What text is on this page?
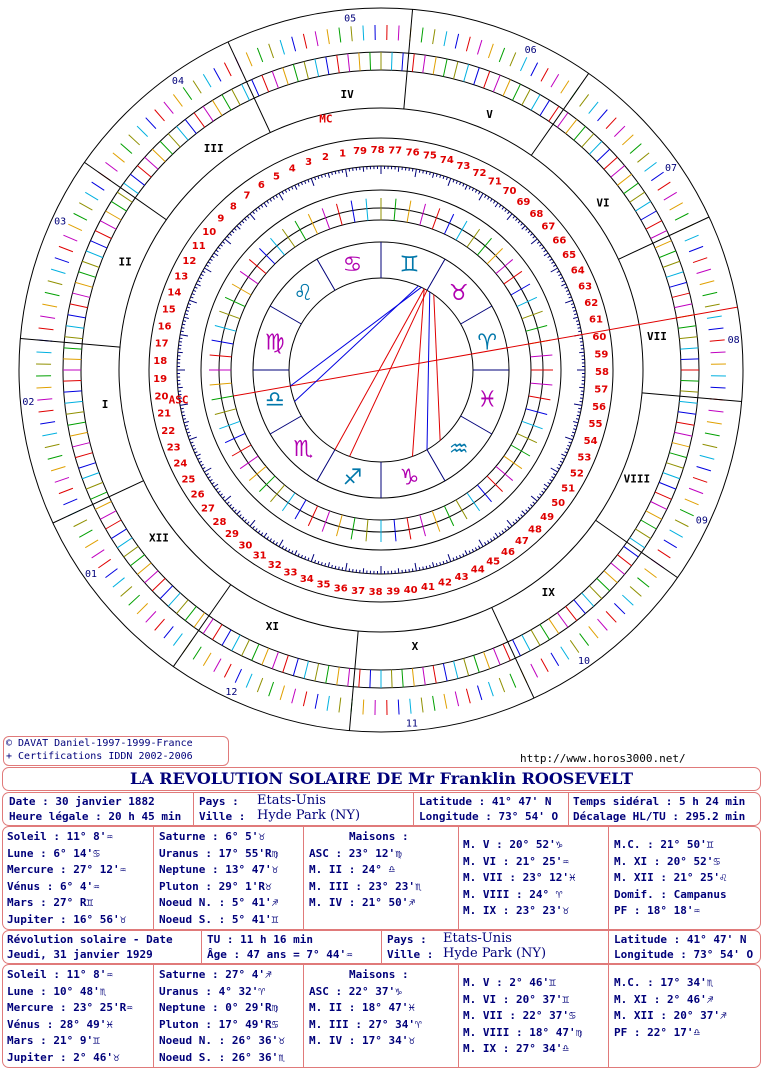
♋ ♊
♉
♈
♓
♒
♑
♐
♏
♎
♍
♌
1
2
3
4
5
6
7
8
9
10
11
12
13
14
15
16
17
18
19
20
21
22
23
24
25
26
27
28
29
30
31
32
33
34 35 36 37 38 39 40 41 42
43
44
45
46
47
48
49
50
51
52
53
54
55
56
57
58
59
60
61
62
63
64
65
66
67
68
69
70
71
72
73
74
75
76
77
78
79
I
II
III
IV
V
VI
VII
VIII
IX
X
XI
XII
ASC
MC
05
06
07
08
09
10
11
12
01
02
03
04
© DAVAT Daniel-1997-1999-France
+ Certifications IDDN 2002-2006	http://www.horos3000.net/
LA REVOLUTION SOLAIRE DE Mr Franklin ROOSEVELT
Date : 30 janvier 1882
Heure légale : 20 h 45 min
Pays : Etats-Unis
Ville : Hyde Park (NY)
Latitude : 41° 47' N
Longitude : 73° 54' O
Temps sidéral : 5 h 24 min
Décalage HL/TU : 295.2 min
Soleil : 11° 8'♒
Lune : 6° 14'♋
Mercure : 27° 12'♒
Vénus : 6° 4'♒
Mars : 27° R♊
Jupiter : 16° 56'♉
Saturne : 6° 5'♉
Uranus : 17° 55'R♍
Neptune : 13° 47'♉
Pluton : 29° 1'R♉
Noeud N. : 5° 41'♐
Noeud S. : 5° 41'♊
Maisons :
ASC : 23° 12'♍
M. II : 24° ♎
M. III : 23° 23'♏
M. IV : 21° 50'♐
M. V : 20° 52'♑
M. VI : 21° 25'♒
M. VII : 23° 12'♓
M. VIII : 24° ♈
M. IX : 23° 23'♉
M.C. : 21° 50'♊
M. XI : 20° 52'♋
M. XII : 21° 25'♌
Domif. : Campanus
PF : 18° 18'♒
Révolution solaire - Date
Jeudi, 31 janvier 1929
TU : 11 h 16 min
Âge : 47 ans = 7° 44'♒
Pays : Etats-Unis
Ville : Hyde Park (NY)
Latitude : 41° 47' N
Longitude : 73° 54' O
Soleil : 11° 8'♒
Lune : 10° 48'♏
Mercure : 23° 25'R♒
Vénus : 28° 49'♓
Mars : 21° 9'♊
Jupiter : 2° 46'♉
Saturne : 27° 4'♐
Uranus : 4° 32'♈
Neptune : 0° 29'R♍
Pluton : 17° 49'R♋
Noeud N. : 26° 36'♉
Noeud S. : 26° 36'♏
Maisons :
ASC : 22° 37'♑
M. II : 18° 47'♓
M. III : 27° 34'♈
M. IV : 17° 34'♉
M. V : 2° 46'♊
M. VI : 20° 37'♊
M. VII : 22° 37'♋
M. VIII : 18° 47'♍
M. IX : 27° 34'♎
M.C. : 17° 34'♏
M. XI : 2° 46'♐
M. XII : 20° 37'♐
PF : 22° 17'♎
